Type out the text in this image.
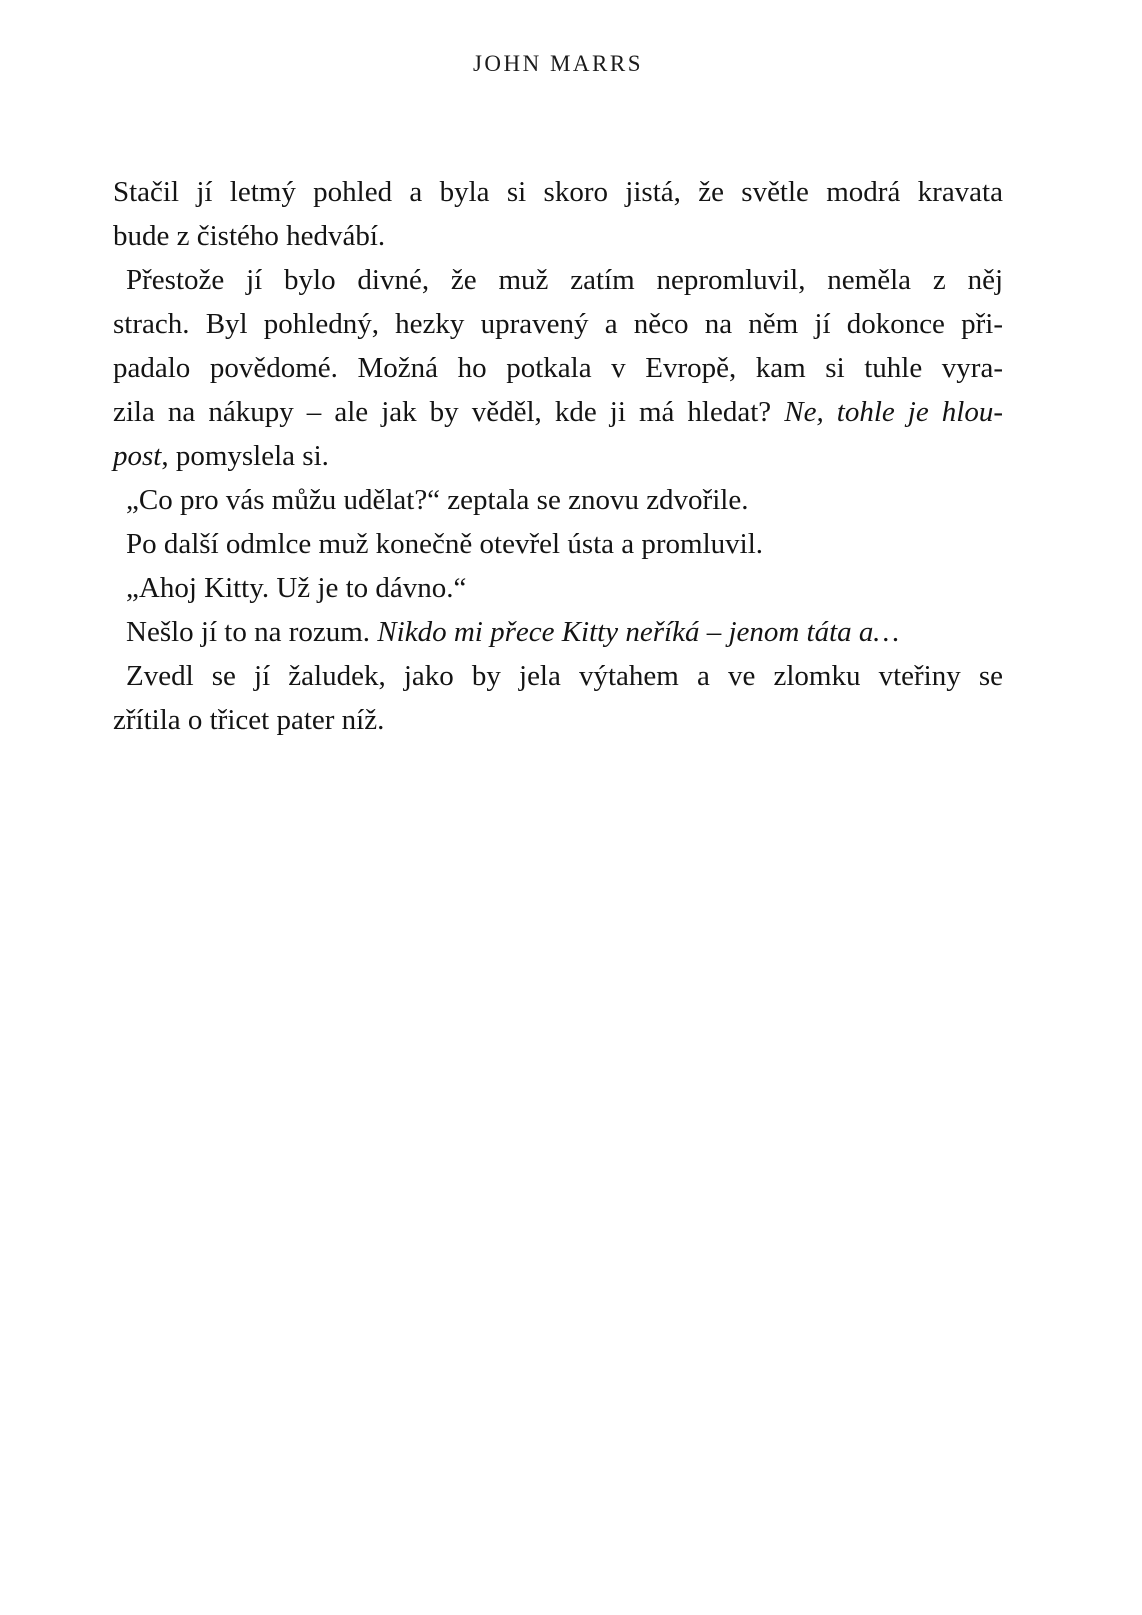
JOHN MARRS
Stačil jí letmý pohled a byla si skoro jistá, že světle modrá kravata
bude z čistého hedvábí.
Přestože jí bylo divné, že muž zatím nepromluvil, neměla z něj
strach. Byl pohledný, hezky upravený a něco na něm jí dokonce při-
padalo povědomé. Možná ho potkala v Evropě, kam si tuhle vyra-
zila na nákupy – ale jak by věděl, kde ji má hledat? Ne, tohle je hlou-
post, pomyslela si.
„Co pro vás můžu udělat?“ zeptala se znovu zdvořile.
Po další odmlce muž konečně otevřel ústa a promluvil.
„Ahoj Kitty. Už je to dávno.“
Nešlo jí to na rozum. Nikdo mi přece Kitty neříká – jenom táta a…
Zvedl se jí žaludek, jako by jela výtahem a ve zlomku vteřiny se
zřítila o třicet pater níž.
